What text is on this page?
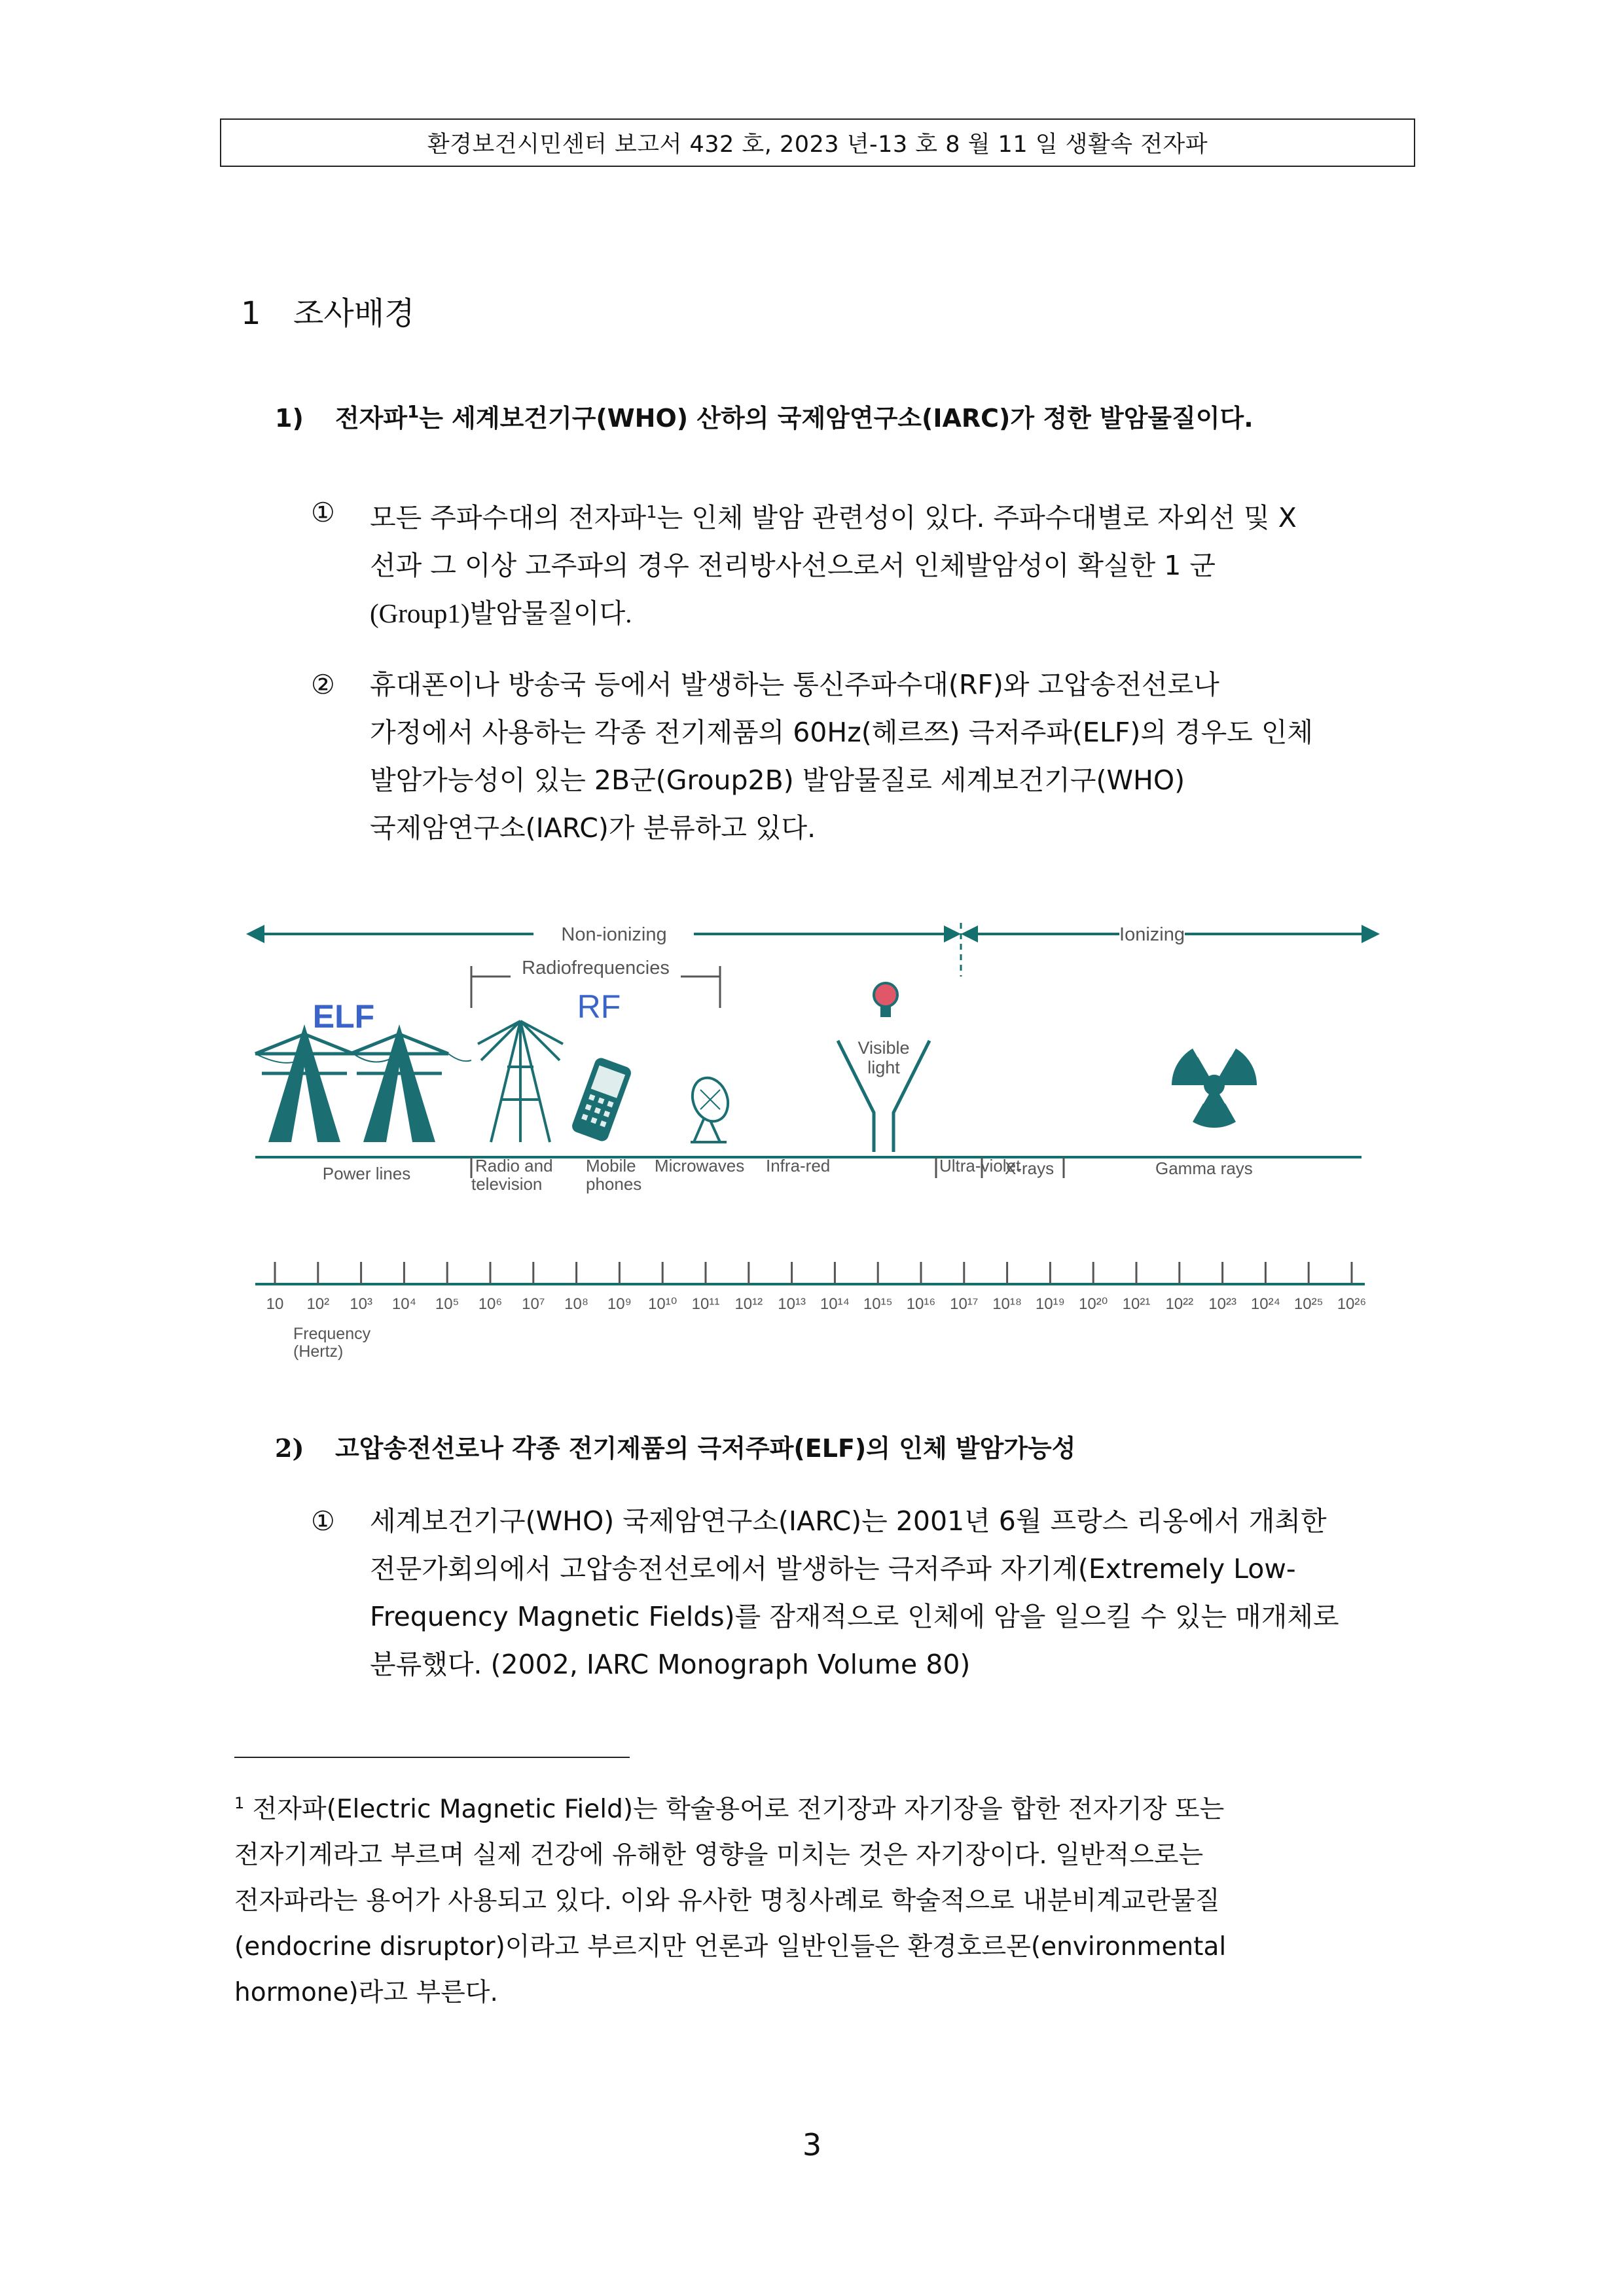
환경보건시민센터 보고서 432 호, 2023 년-13 호 8 월 11 일 생활속 전자파
1 조사배경
1) 전자파$^1$는 세계보건기구(WHO) 산하의 국제암연구소(IARC)가 정한 발암물질이다.
①	모든 주파수대의 전자파$^1$는 인체 발암 관련성이 있다. 주파수대별로 자외선 및 X
선과 그 이상 고주파의 경우 전리방사선으로서 인체발암성이 확실한 1 군
(Group1)발암물질이다.
②	휴대폰이나 방송국 등에서 발생하는 통신주파수대(RF)와 고압송전선로나
가정에서 사용하는 각종 전기제품의 60Hz(헤르쯔) 극저주파(ELF)의 경우도 인체
발암가능성이 있는 2B군(Group2B) 발암물질로 세계보건기구(WHO)
국제암연구소(IARC)가 분류하고 있다.
Non-ionizing	Ionizing
Radiofrequencies
ELF	RF
Visible
light
Power lines	Radio and
television
Mobile
phones
Microwaves Infra-red	Ultra-violet
X-rays	Gamma rays
10 10² 10³ 10⁴ 10⁵ 10⁶ 10⁷ 10⁸ 10⁹ 10¹⁰ 10¹¹ 10¹² 10¹³ 10¹⁴ 10¹⁵ 10¹⁶ 10¹⁷ 10¹⁸ 10¹⁹ 10²⁰ 10²¹ 10²² 10²³ 10²⁴ 10²⁵ 10²⁶
Frequency
(Hertz)
2) 고압송전선로나 각종 전기제품의 극저주파(ELF)의 인체 발암가능성
①	세계보건기구(WHO) 국제암연구소(IARC)는 2001년 6월 프랑스 리옹에서 개최한
전문가회의에서 고압송전선로에서 발생하는 극저주파 자기계(Extremely Low-
Frequency Magnetic Fields)를 잠재적으로 인체에 암을 일으킬 수 있는 매개체로
분류했다. (2002, IARC Monograph Volume 80)
$^1$ 전자파(Electric Magnetic Field)는 학술용어로 전기장과 자기장을 합한 전자기장 또는
전자기계라고 부르며 실제 건강에 유해한 영향을 미치는 것은 자기장이다. 일반적으로는
전자파라는 용어가 사용되고 있다. 이와 유사한 명칭사례로 학술적으로 내분비계교란물질
(endocrine disruptor)이라고 부르지만 언론과 일반인들은 환경호르몬(environmental
hormone)라고 부른다.
3
